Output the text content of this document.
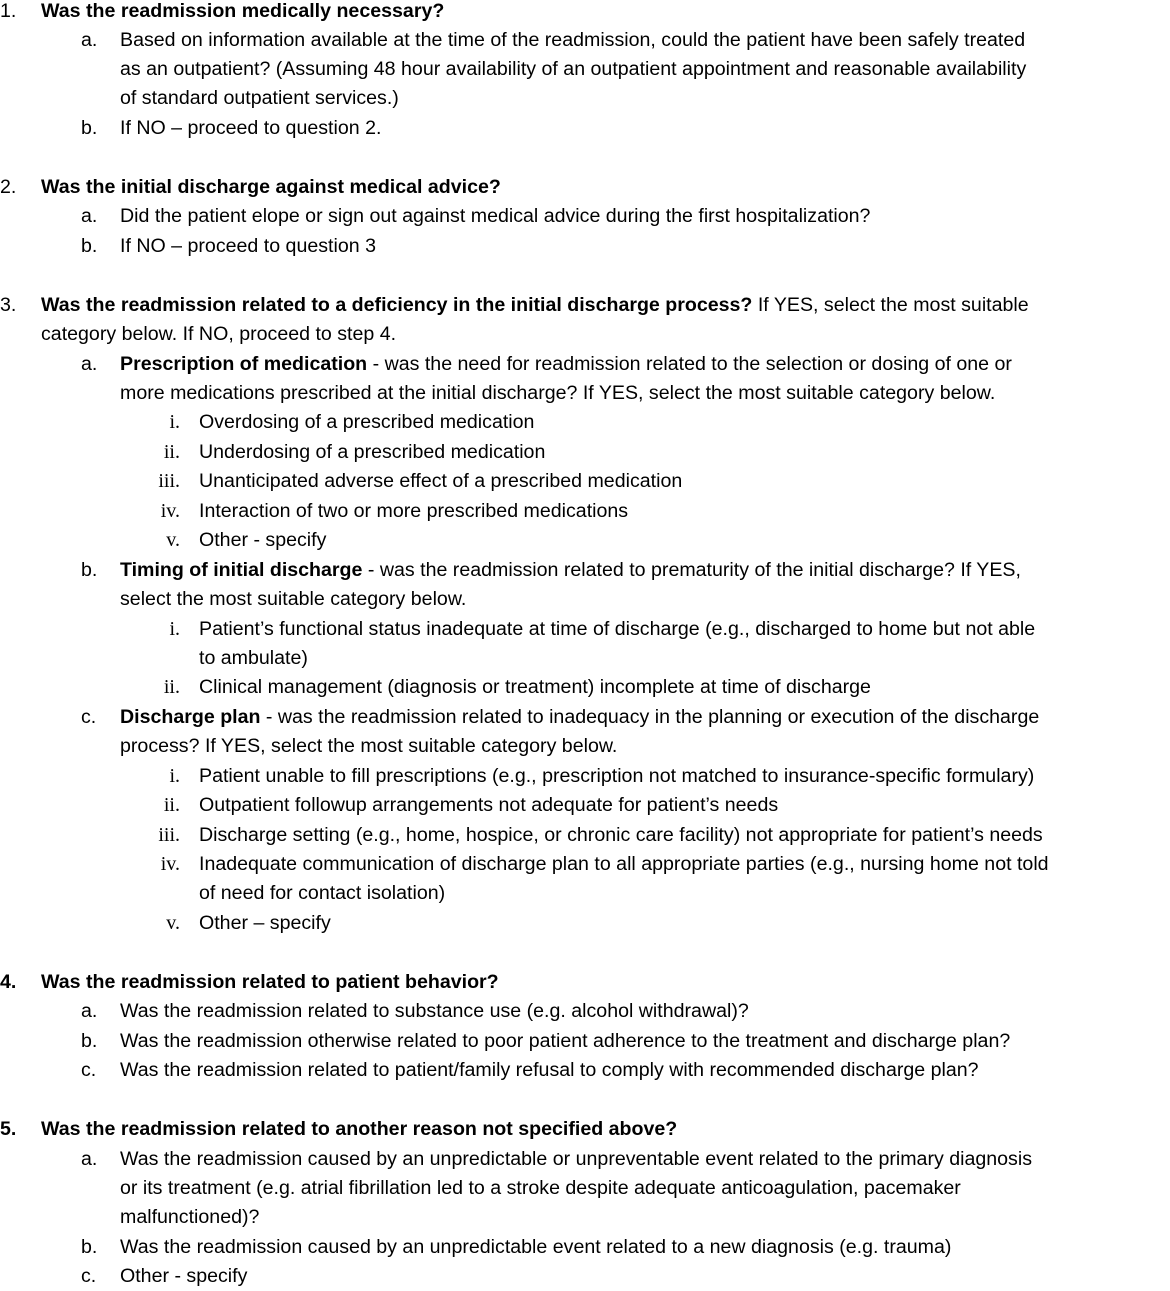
1.	Was the readmission medically necessary?
a. Based on information available at the time of the readmission, could the patient have been safely treated
as an outpatient? (Assuming 48 hour availability of an outpatient appointment and reasonable availability
of standard outpatient services.)
b. If NO – proceed to question 2.
2.	Was the initial discharge against medical advice?
a. Did the patient elope or sign out against medical advice during the first hospitalization?
b. If NO – proceed to question 3
3.	Was the readmission related to a deficiency in the initial discharge process? If YES, select the most suitable
category below. If NO, proceed to step 4.
a. Prescription of medication - was the need for readmission related to the selection or dosing of one or
more medications prescribed at the initial discharge? If YES, select the most suitable category below.
i. Overdosing of a prescribed medication
ii. Underdosing of a prescribed medication
iii. Unanticipated adverse effect of a prescribed medication
iv. Interaction of two or more prescribed medications
v. Other - specify
b. Timing of initial discharge - was the readmission related to prematurity of the initial discharge? If YES,
select the most suitable category below.
i. Patient’s functional status inadequate at time of discharge (e.g., discharged to home but not able
to ambulate)
ii. Clinical management (diagnosis or treatment) incomplete at time of discharge
c. Discharge plan - was the readmission related to inadequacy in the planning or execution of the discharge
process? If YES, select the most suitable category below.
i. Patient unable to fill prescriptions (e.g., prescription not matched to insurance-specific formulary)
ii. Outpatient followup arrangements not adequate for patient’s needs
iii. Discharge setting (e.g., home, hospice, or chronic care facility) not appropriate for patient’s needs
iv. Inadequate communication of discharge plan to all appropriate parties (e.g., nursing home not told
of need for contact isolation)
v. Other – specify
4.	Was the readmission related to patient behavior?
a. Was the readmission related to substance use (e.g. alcohol withdrawal)?
b. Was the readmission otherwise related to poor patient adherence to the treatment and discharge plan?
c. Was the readmission related to patient/family refusal to comply with recommended discharge plan?
5.	Was the readmission related to another reason not specified above?
a. Was the readmission caused by an unpredictable or unpreventable event related to the primary diagnosis
or its treatment (e.g. atrial fibrillation led to a stroke despite adequate anticoagulation, pacemaker
malfunctioned)?
b. Was the readmission caused by an unpredictable event related to a new diagnosis (e.g. trauma)
c. Other - specify
